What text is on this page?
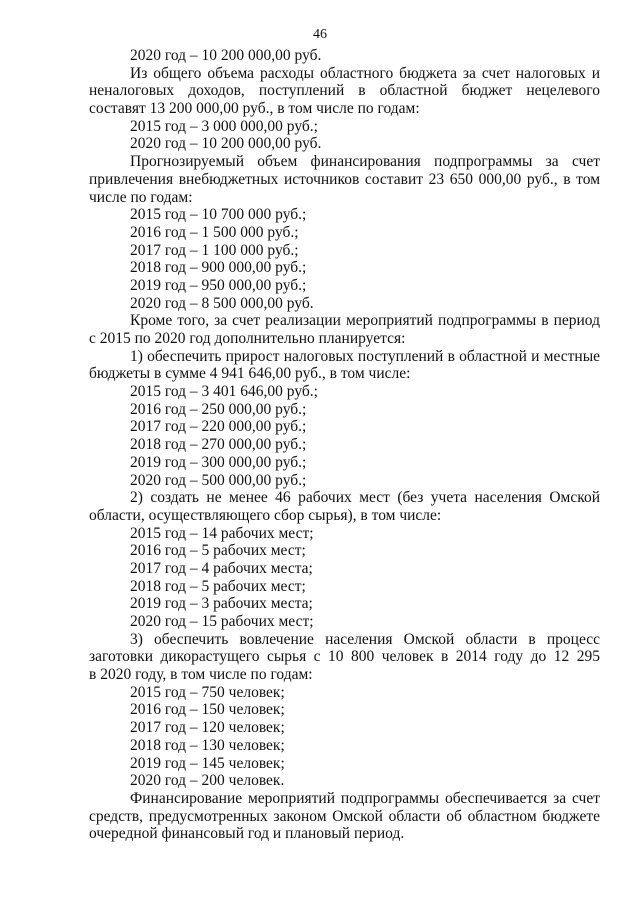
46
2020 год – 10 200 000,00 руб.
Из общего объема расходы областного бюджета за счет налоговых и
неналоговых доходов, поступлений в областной бюджет нецелевого
составят 13 200 000,00 руб., в том числе по годам:
2015 год – 3 000 000,00 руб.;
2020 год – 10 200 000,00 руб.
Прогнозируемый объем финансирования подпрограммы за счет
привлечения внебюджетных источников составит 23 650 000,00 руб., в том
числе по годам:
2015 год – 10 700 000 руб.;
2016 год – 1 500 000 руб.;
2017 год – 1 100 000 руб.;
2018 год – 900 000,00 руб.;
2019 год – 950 000,00 руб.;
2020 год – 8 500 000,00 руб.
Кроме того, за счет реализации мероприятий подпрограммы в период
с 2015 по 2020 год дополнительно планируется:
1) обеспечить прирост налоговых поступлений в областной и местные
бюджеты в сумме 4 941 646,00 руб., в том числе:
2015 год – 3 401 646,00 руб.;
2016 год – 250 000,00 руб.;
2017 год – 220 000,00 руб.;
2018 год – 270 000,00 руб.;
2019 год – 300 000,00 руб.;
2020 год – 500 000,00 руб.;
2) создать не менее 46 рабочих мест (без учета населения Омской
области, осуществляющего сбор сырья), в том числе:
2015 год – 14 рабочих мест;
2016 год – 5 рабочих мест;
2017 год – 4 рабочих места;
2018 год – 5 рабочих мест;
2019 год – 3 рабочих места;
2020 год – 15 рабочих мест;
3) обеспечить вовлечение населения Омской области в процесс
заготовки дикорастущего сырья с 10 800 человек в 2014 году до 12 295
в 2020 году, в том числе по годам:
2015 год – 750 человек;
2016 год – 150 человек;
2017 год – 120 человек;
2018 год – 130 человек;
2019 год – 145 человек;
2020 год – 200 человек.
Финансирование мероприятий подпрограммы обеспечивается за счет
средств, предусмотренных законом Омской области об областном бюджете
очередной финансовый год и плановый период.
